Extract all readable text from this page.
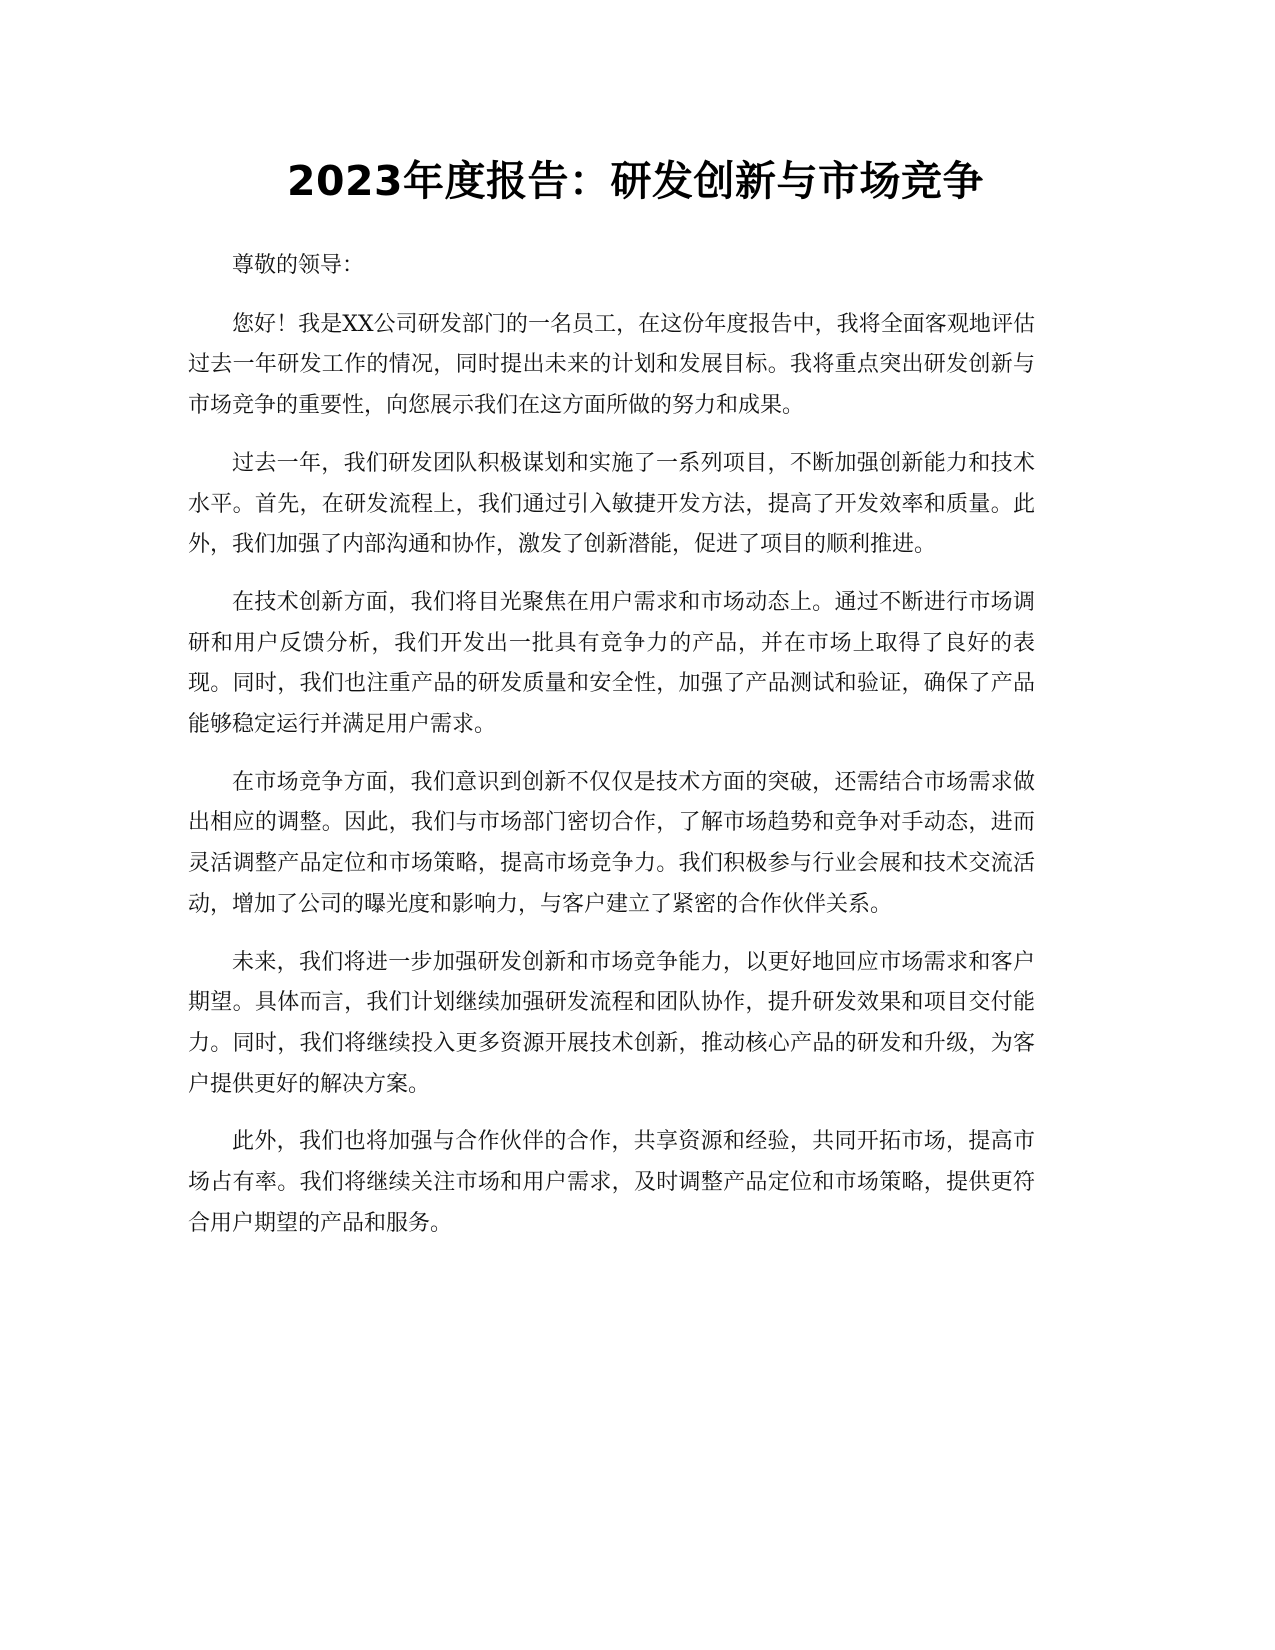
2023年度报告：研发创新与市场竞争

尊敬的领导：

您好！我是XX公司研发部门的一名员工，在这份年度报告中，我将全面客观地评估过去一年研发工作的情况，同时提出未来的计划和发展目标。我将重点突出研发创新与市场竞争的重要性，向您展示我们在这方面所做的努力和成果。

过去一年，我们研发团队积极谋划和实施了一系列项目，不断加强创新能力和技术水平。首先，在研发流程上，我们通过引入敏捷开发方法，提高了开发效率和质量。此外，我们加强了内部沟通和协作，激发了创新潜能，促进了项目的顺利推进。

在技术创新方面，我们将目光聚焦在用户需求和市场动态上。通过不断进行市场调研和用户反馈分析，我们开发出一批具有竞争力的产品，并在市场上取得了良好的表现。同时，我们也注重产品的研发质量和安全性，加强了产品测试和验证，确保了产品能够稳定运行并满足用户需求。

在市场竞争方面，我们意识到创新不仅仅是技术方面的突破，还需结合市场需求做出相应的调整。因此，我们与市场部门密切合作，了解市场趋势和竞争对手动态，进而灵活调整产品定位和市场策略，提高市场竞争力。我们积极参与行业会展和技术交流活动，增加了公司的曝光度和影响力，与客户建立了紧密的合作伙伴关系。

未来，我们将进一步加强研发创新和市场竞争能力，以更好地回应市场需求和客户期望。具体而言，我们计划继续加强研发流程和团队协作，提升研发效果和项目交付能力。同时，我们将继续投入更多资源开展技术创新，推动核心产品的研发和升级，为客户提供更好的解决方案。

此外，我们也将加强与合作伙伴的合作，共享资源和经验，共同开拓市场，提高市场占有率。我们将继续关注市场和用户需求，及时调整产品定位和市场策略，提供更符合用户期望的产品和服务。
